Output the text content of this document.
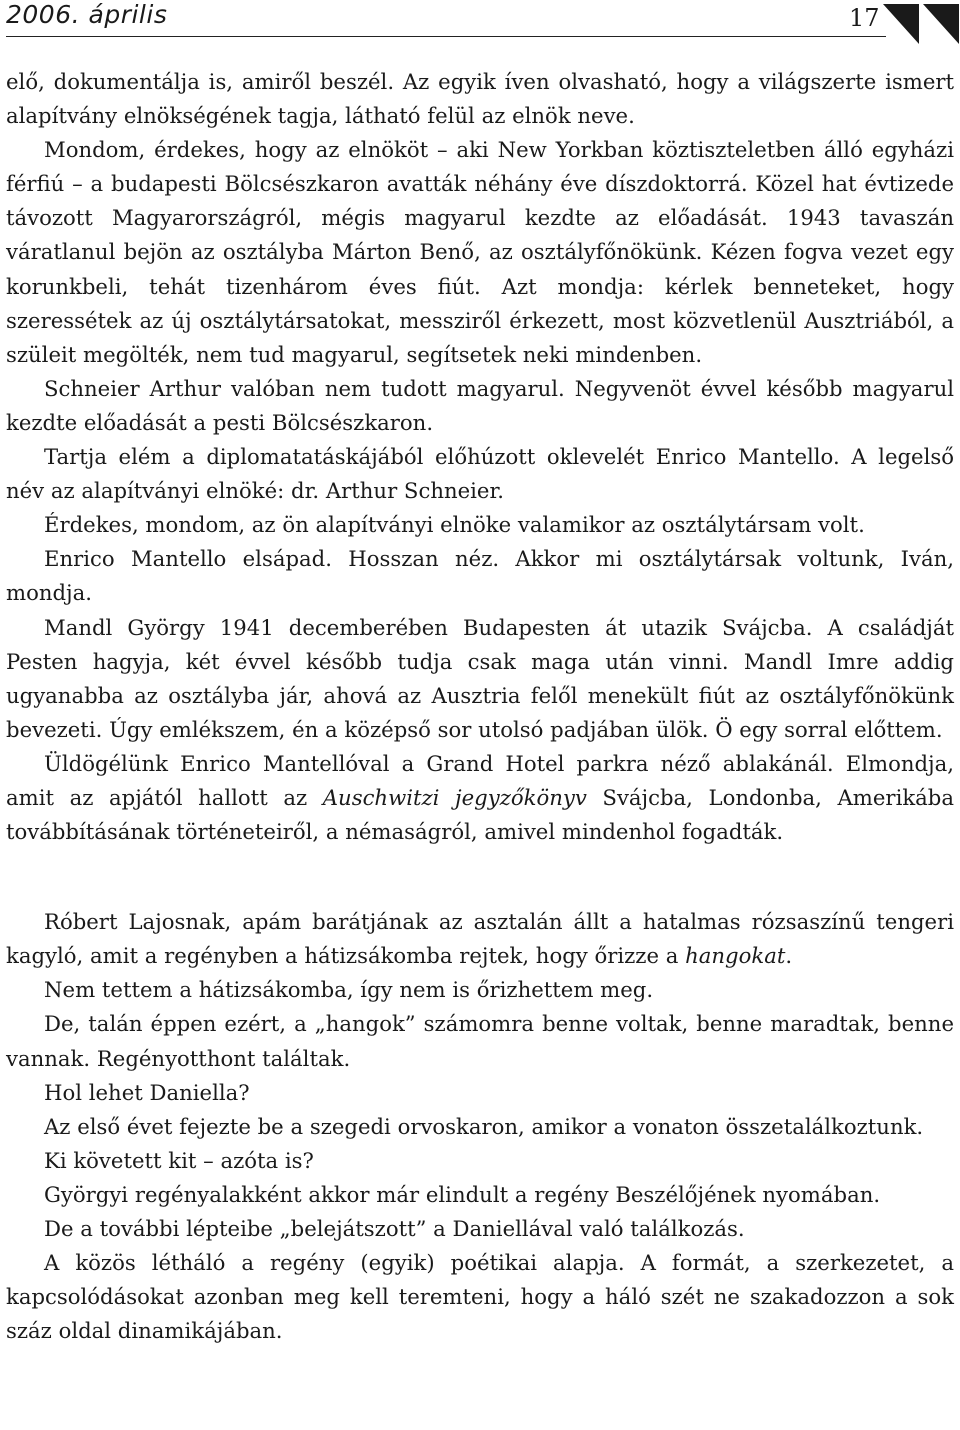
2006. április	17

elő, dokumentálja is, amiről beszél. Az egyik íven olvasható, hogy a világszerte ismert alapítvány elnökségének tagja, látható felül az elnök neve.

Mondom, érdekes, hogy az elnököt – aki New Yorkban köztiszteletben álló egyházi férfiú – a budapesti Bölcsészkaron avatták néhány éve díszdoktorrá. Közel hat évtizede távozott Magyarországról, mégis magyarul kezdte az előadását. 1943 tavaszán váratlanul bejön az osztályba Márton Benő, az osztályfőnökünk. Kézen fogva vezet egy korunkbeli, tehát tizenhárom éves fiút. Azt mondja: kérlek benneteket, hogy szeressétek az új osztálytársatokat, messziről érkezett, most közvetlenül Ausztriából, a szüleit megölték, nem tud magyarul, segítsetek neki mindenben.

Schneier Arthur valóban nem tudott magyarul. Negyvenöt évvel később magyarul kezdte előadását a pesti Bölcsészkaron.

Tartja elém a diplomatatáskájából előhúzott oklevelét Enrico Mantello. A legelső név az alapítványi elnöké: dr. Arthur Schneier.

Érdekes, mondom, az ön alapítványi elnöke valamikor az osztálytársam volt.

Enrico Mantello elsápad. Hosszan néz. Akkor mi osztálytársak voltunk, Iván, mondja.

Mandl György 1941 decemberében Budapesten át utazik Svájcba. A családját Pesten hagyja, két évvel később tudja csak maga után vinni. Mandl Imre addig ugyanabba az osztályba jár, ahová az Ausztria felől menekült fiút az osztályfőnökünk bevezeti. Úgy emlékszem, én a középső sor utolsó padjában ülök. Ö egy sorral előttem.

Üldögélünk Enrico Mantellóval a Grand Hotel parkra néző ablakánál. Elmondja, amit az apjától hallott az Auschwitzi jegyzőkönyv Svájcba, Londonba, Amerikába továbbításának történeteiről, a némaságról, amivel mindenhol fogadták.

Róbert Lajosnak, apám barátjának az asztalán állt a hatalmas rózsaszínű tengeri kagyló, amit a regényben a hátizsákomba rejtek, hogy őrizze a hangokat.

Nem tettem a hátizsákomba, így nem is őrizhettem meg.

De, talán éppen ezért, a „hangok” számomra benne voltak, benne maradtak, benne vannak. Regényotthont találtak.

Hol lehet Daniella?

Az első évet fejezte be a szegedi orvoskaron, amikor a vonaton összetalálkoztunk.

Ki követett kit – azóta is?

Györgyi regényalakként akkor már elindult a regény Beszélőjének nyomában.

De a további lépteibe „belejátszott” a Daniellával való találkozás.

A közös létháló a regény (egyik) poétikai alapja. A formát, a szerkezetet, a kapcsolódásokat azonban meg kell teremteni, hogy a háló szét ne szakadozzon a sok száz oldal dinamikájában.
